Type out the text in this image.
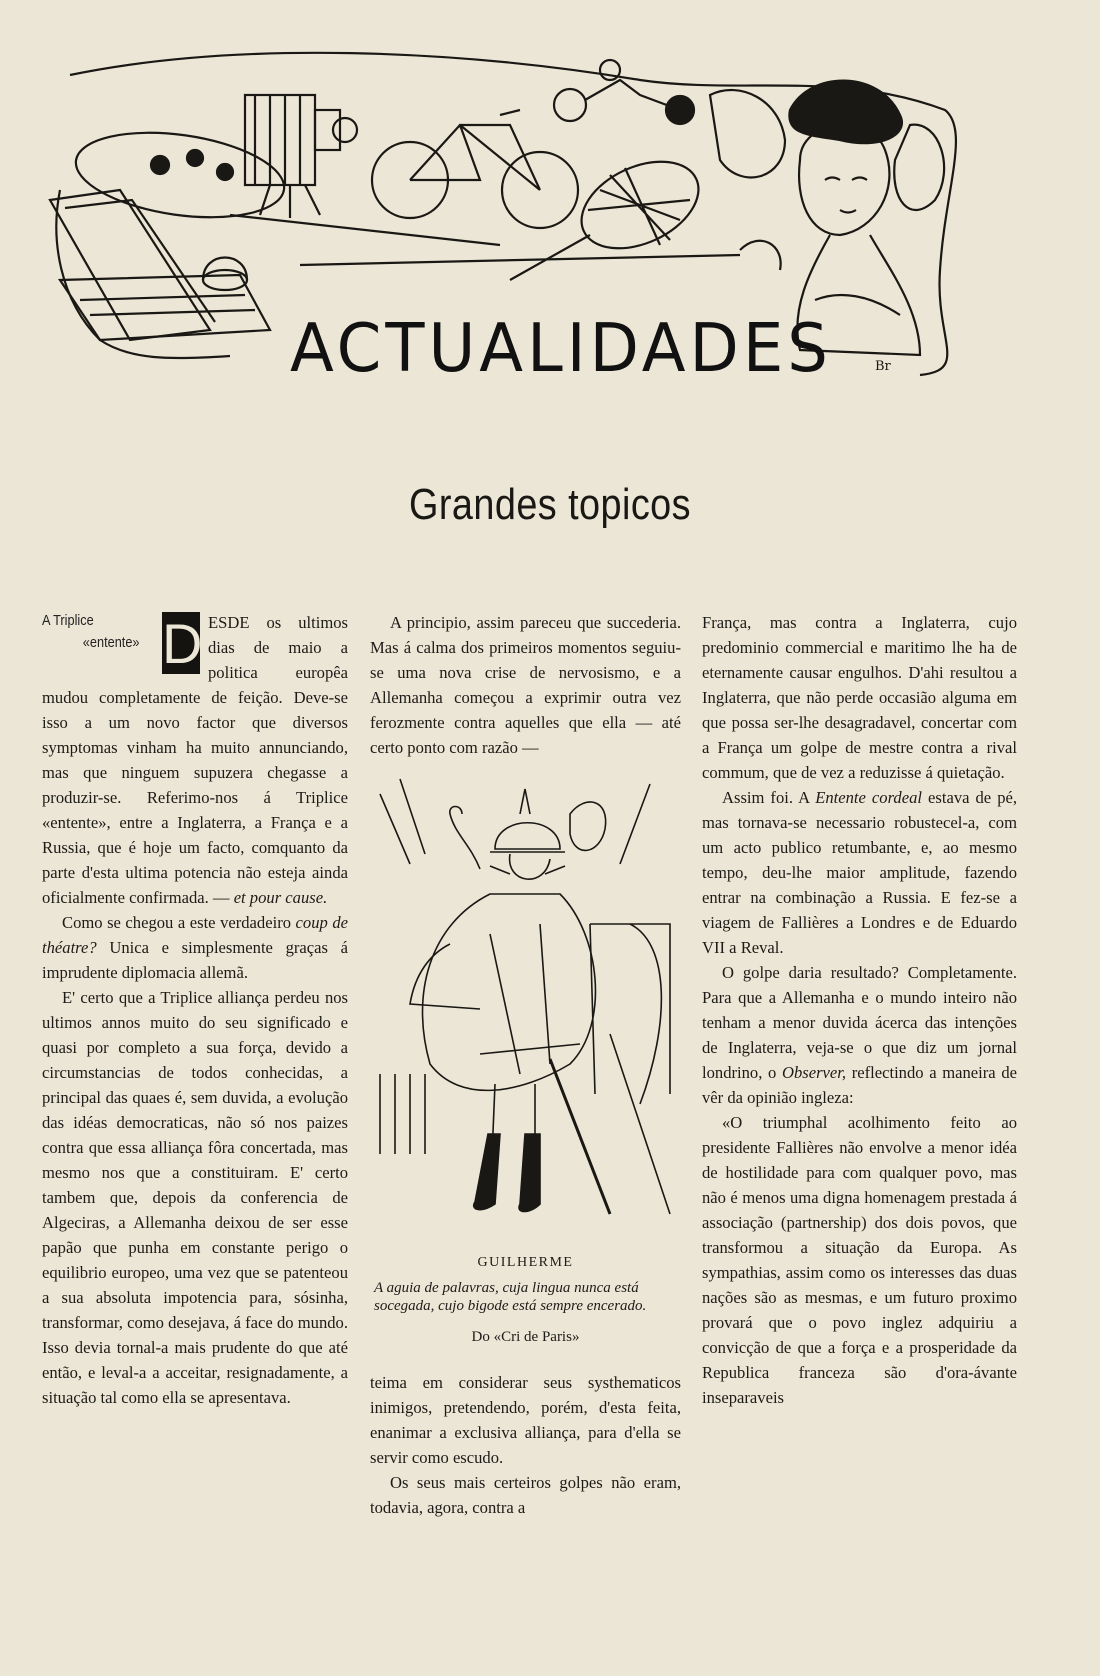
Br
ACTUALIDADES
Grandes topicos
A Triplice
«entente» D ESDE os ultimos dias de maio a politica europêa mudou completamente de feição. Deve-se isso a um novo factor que diversos symptomas vinham ha muito annunciando, mas que ninguem supuzera chegasse a produzir-se. Referimo-nos á Triplice «entente», entre a Inglaterra, a França e a Russia, que é hoje um facto, comquanto da parte d'esta ultima potencia não esteja ainda oficialmente confirmada. — et pour cause.

Como se chegou a este verdadeiro coup de théatre? Unica e simplesmente graças á imprudente diplomacia allemã.

E' certo que a Triplice alliança perdeu nos ultimos annos muito do seu significado e quasi por completo a sua força, devido a circumstancias de todos conhecidas, a principal das quaes é, sem duvida, a evolução das idéas democraticas, não só nos paizes contra que essa alliança fôra concertada, mas mesmo nos que a constituiram. E' certo tambem que, depois da conferencia de Algeciras, a Allemanha deixou de ser esse papão que punha em constante perigo o equilibrio europeo, uma vez que se patenteou a sua absoluta impotencia para, sósinha, transformar, como desejava, á face do mundo. Isso devia tornal-a mais prudente do que até então, e leval-a a acceitar, resignadamente, a situação tal como ella se apresentava.

A principio, assim pareceu que succederia. Mas á calma dos primeiros momentos seguiu-se uma nova crise de nervosismo, e a Allemanha começou a exprimir outra vez ferozmente contra aquelles que ella — até certo ponto com razão —

GUILHERME
A aguia de palavras, cuja lingua nunca está socegada, cujo bigode está sempre encerado.
Do «Cri de Paris»

teima em considerar seus systhematicos inimigos, pretendendo, porém, d'esta feita, enanimar a exclusiva alliança, para d'ella se servir como escudo.

Os seus mais certeiros golpes não eram, todavia, agora, contra a

França, mas contra a Inglaterra, cujo predominio commercial e maritimo lhe ha de eternamente causar engulhos. D'ahi resultou a Inglaterra, que não perde occasião alguma em que possa ser-lhe desagradavel, concertar com a França um golpe de mestre contra a rival commum, que de vez a reduzisse á quietação.

Assim foi. A Entente cordeal estava de pé, mas tornava-se necessario robustecel-a, com um acto publico retumbante, e, ao mesmo tempo, deu-lhe maior amplitude, fazendo entrar na combinação a Russia. E fez-se a viagem de Fallières a Londres e de Eduardo VII a Reval.

O golpe daria resultado? Completamente. Para que a Allemanha e o mundo inteiro não tenham a menor duvida ácerca das intenções de Inglaterra, veja-se o que diz um jornal londrino, o Observer, reflectindo a maneira de vêr da opinião ingleza:

«O triumphal acolhimento feito ao presidente Fallières não envolve a menor idéa de hostilidade para com qualquer povo, mas não é menos uma digna homenagem prestada á associação (partnership) dos dois povos, que transformou a situação da Europa. As sympathias, assim como os interesses das duas nações são as mesmas, e um futuro proximo provará que o povo inglez adquiriu a convicção de que a força e a prosperidade da Republica franceza são d'ora-ávante inseparaveis
